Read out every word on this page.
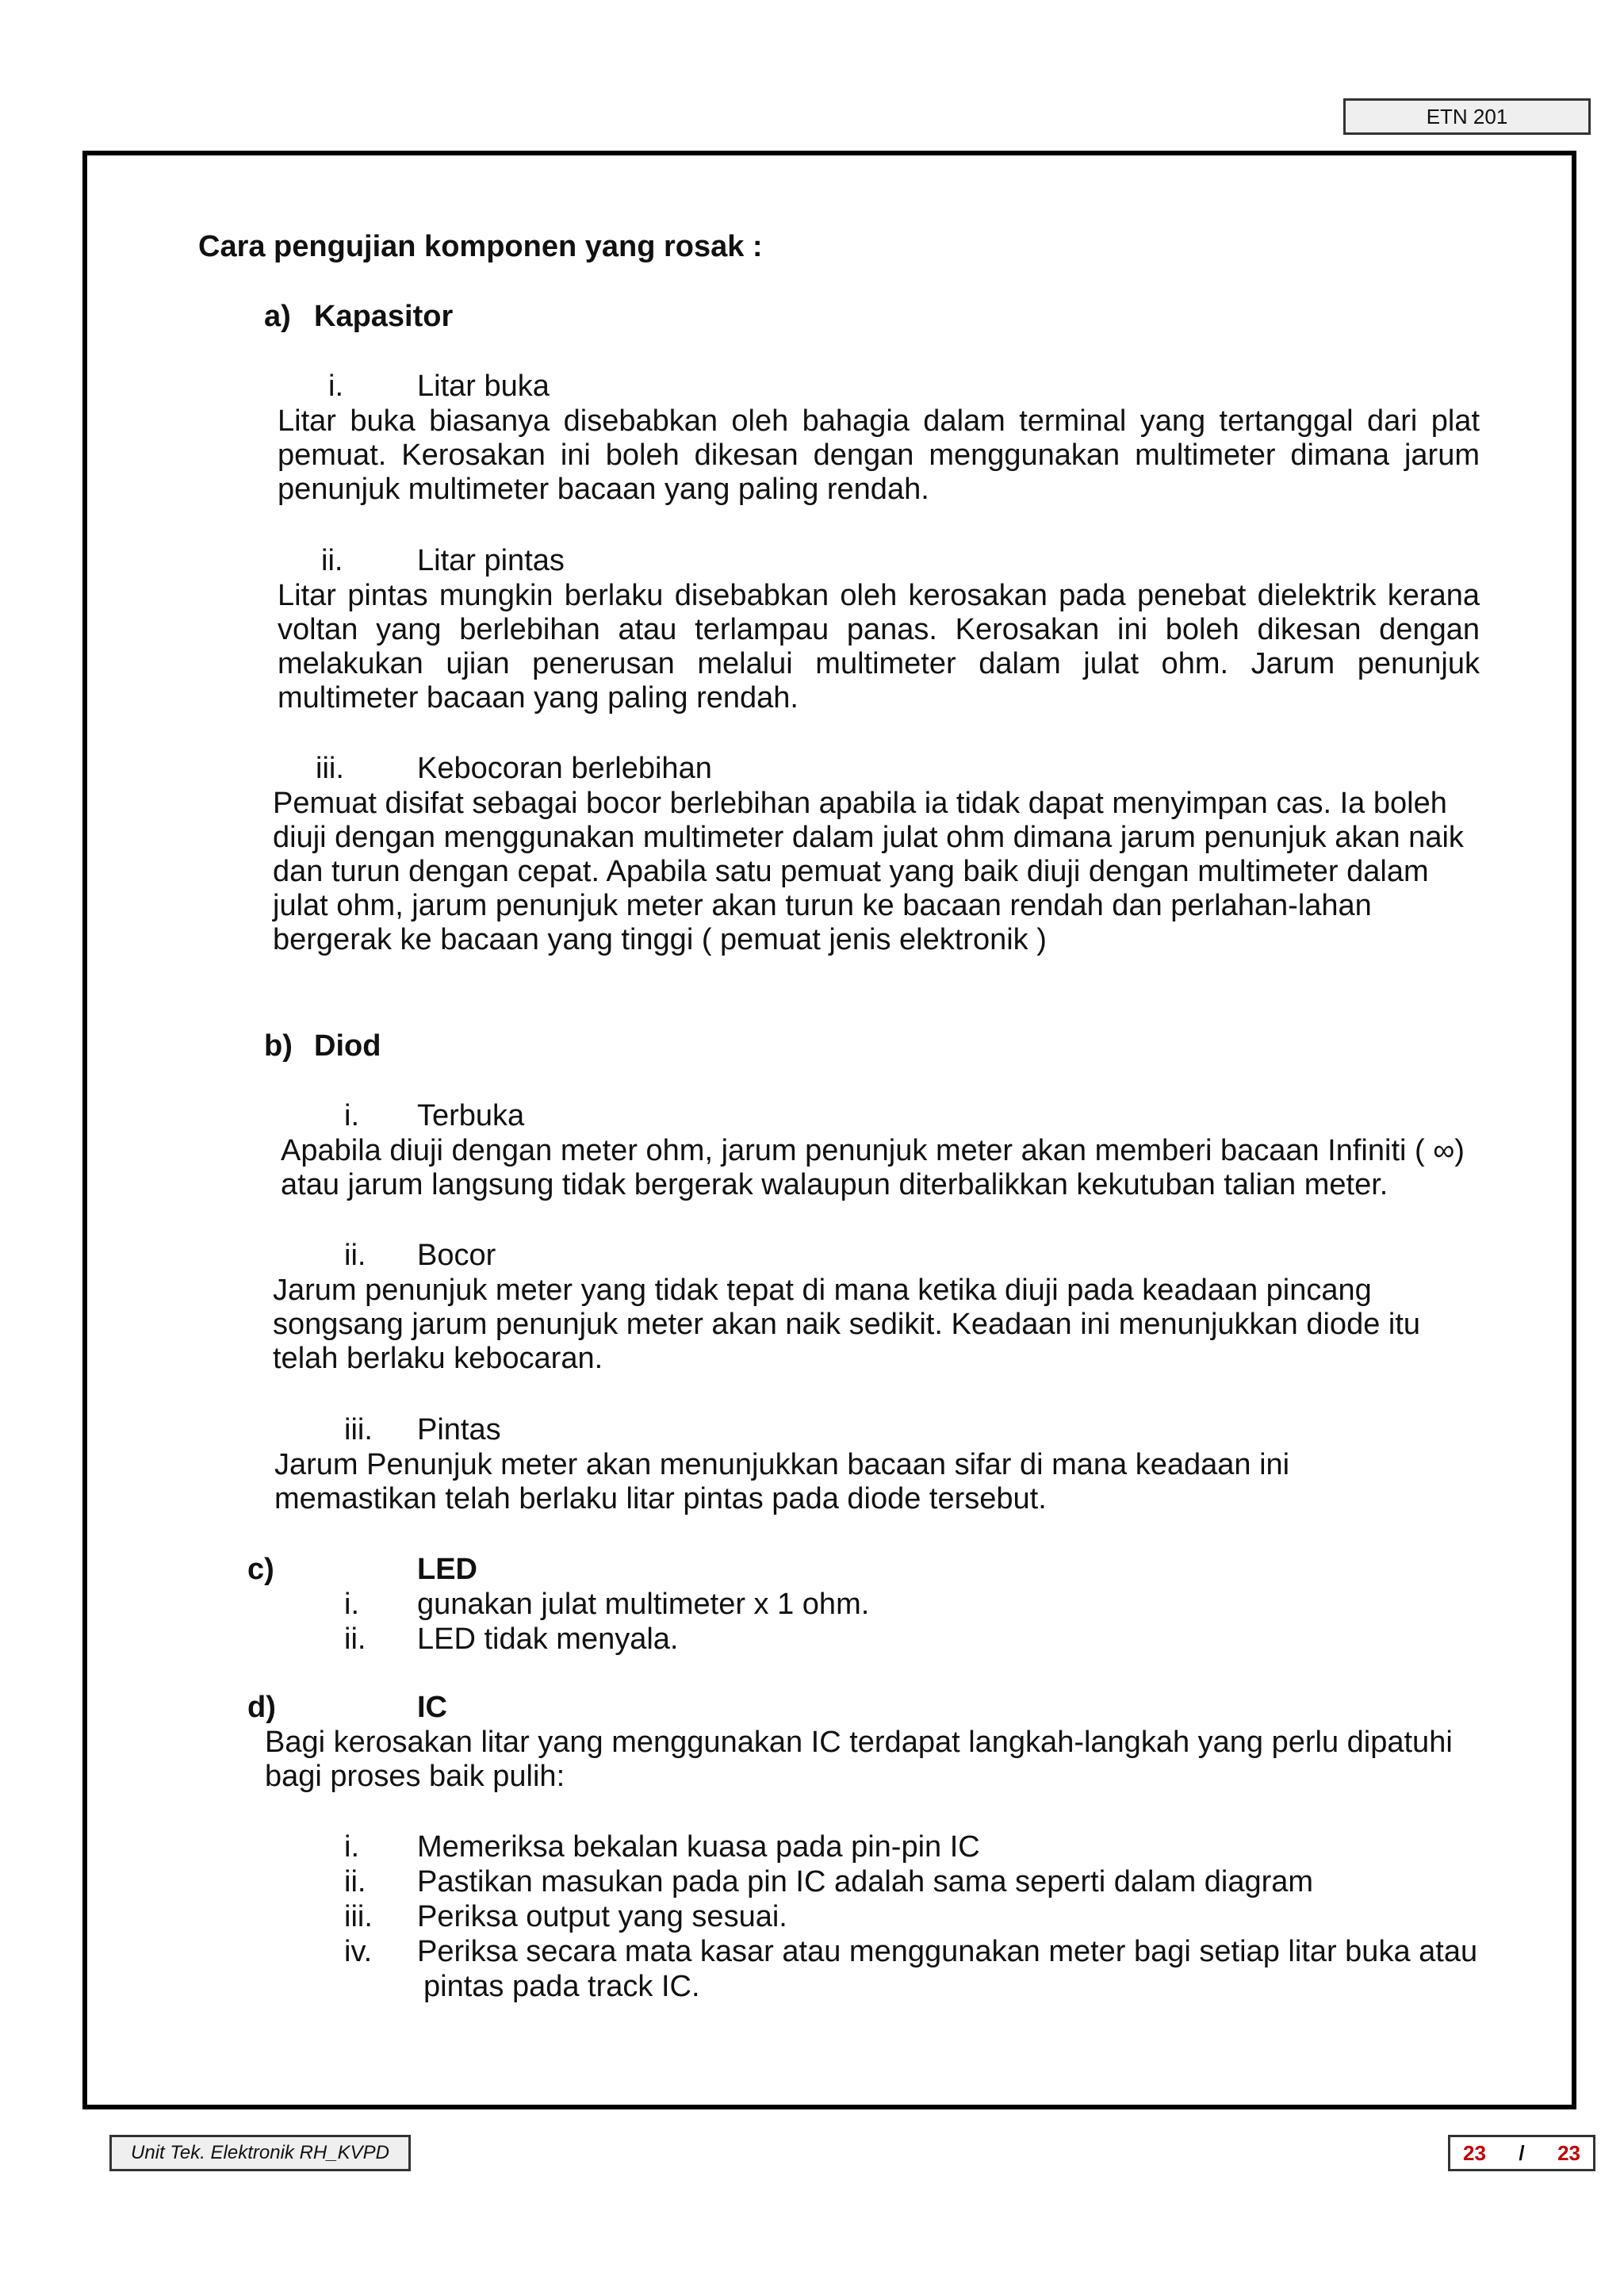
ETN 201
Cara pengujian komponen yang rosak :
a) Kapasitor
i. Litar buka
Litar buka biasanya disebabkan oleh bahagia dalam terminal yang tertanggal dari plat pemuat. Kerosakan ini boleh dikesan dengan menggunakan multimeter dimana jarum penunjuk multimeter bacaan yang paling rendah.
ii. Litar pintas
Litar pintas mungkin berlaku disebabkan oleh kerosakan pada penebat dielektrik kerana voltan yang berlebihan atau terlampau panas. Kerosakan ini boleh dikesan dengan melakukan ujian penerusan melalui multimeter dalam julat ohm. Jarum penunjuk multimeter bacaan yang paling rendah.
iii. Kebocoran berlebihan
Pemuat disifat sebagai bocor berlebihan apabila ia tidak dapat menyimpan cas. Ia boleh diuji dengan menggunakan multimeter dalam julat ohm dimana jarum penunjuk akan naik dan turun dengan cepat. Apabila satu pemuat yang baik diuji dengan multimeter dalam julat ohm, jarum penunjuk meter akan turun ke bacaan rendah dan perlahan-lahan bergerak ke bacaan yang tinggi ( pemuat jenis elektronik )
b) Diod
i. Terbuka
Apabila diuji dengan meter ohm, jarum penunjuk meter akan memberi bacaan Infiniti ( ∞) atau jarum langsung tidak bergerak walaupun diterbalikkan kekutuban talian meter.
ii. Bocor
Jarum penunjuk meter yang tidak tepat di mana ketika diuji pada keadaan pincang songsang jarum penunjuk meter akan naik sedikit. Keadaan ini menunjukkan diode itu telah berlaku kebocaran.
iii. Pintas
Jarum Penunjuk meter akan menunjukkan bacaan sifar di mana keadaan ini memastikan telah berlaku litar pintas pada diode tersebut.
c)	LED
i. gunakan julat multimeter x 1 ohm.
ii. LED tidak menyala.
d)	IC
Bagi kerosakan litar yang menggunakan IC terdapat langkah-langkah yang perlu dipatuhi bagi proses baik pulih:
i. Memeriksa bekalan kuasa pada pin-pin IC
ii. Pastikan masukan pada pin IC adalah sama seperti dalam diagram
iii. Periksa output yang sesuai.
iv. Periksa secara mata kasar atau menggunakan meter bagi setiap litar buka atau
pintas pada track IC.
Unit Tek. Elektronik RH_KVPD	23 / 23
